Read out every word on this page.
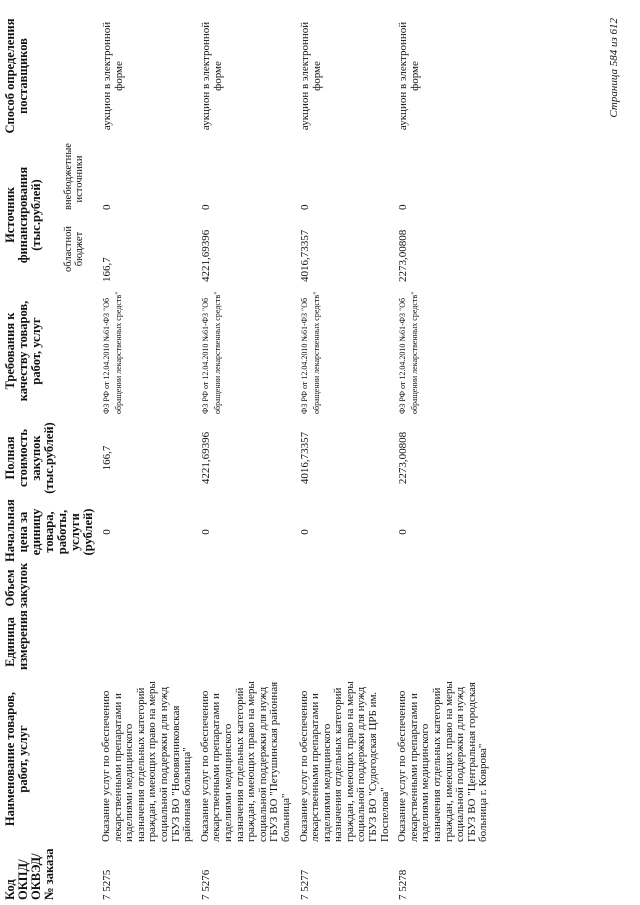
Код ОКПД/ ОКВЭД/ № заказа	Наименование товаров, работ, услуг	Единица измерения	Объем закупок	Начальная цена за единицу товара, работы, услуги (рублей)	Полная стоимость закупок (тыс.рублей)	Требования к качеству товаров, работ, услуг	Источник финансирования (тыс.рублей)		Способ определения поставщиков
							областной бюджет	внебюджетные источники	
7 5275	Оказание услуг по обеспечению лекарственными препаратами и изделиями медицинского назначения отдельных категорий граждан, имеющих право на меры социальной поддержки для нужд ГБУЗ ВО "Нововязниковская районная больница"			0	166,7	ФЗ РФ от 12.04.2010 №61-ФЗ "Об обращении лекарственных средств"	166,7	0	аукцион в электронной форме
7 5276	Оказание услуг по обеспечению лекарственными препаратами и изделиями медицинского назначения отдельных категорий граждан, имеющих право на меры социальной поддержки для нужд ГБУЗ ВО "Петушинская районная больница"			0	4221,69396	ФЗ РФ от 12.04.2010 №61-ФЗ "Об обращении лекарственных средств"	4221,69396	0	аукцион в электронной форме
7 5277	Оказание услуг по обеспечению лекарственными препаратами и изделиями медицинского назначения отдельных категорий граждан, имеющих право на меры социальной поддержки для нужд ГБУЗ ВО "Судогодская ЦРБ им. Поспелова"			0	4016,73357	ФЗ РФ от 12.04.2010 №61-ФЗ "Об обращении лекарственных средств"	4016,73357	0	аукцион в электронной форме
7 5278	Оказание услуг по обеспечению лекарственными препаратами и изделиями медицинского назначения отдельных категорий граждан, имеющих право на меры социальной поддержки для нужд ГБУЗ ВО "Центральная городская больница г. Коврова"			0	2273,00808	ФЗ РФ от 12.04.2010 №61-ФЗ "Об обращении лекарственных средств"	2273,00808	0	аукцион в электронной форме	Страница 584 из 612
